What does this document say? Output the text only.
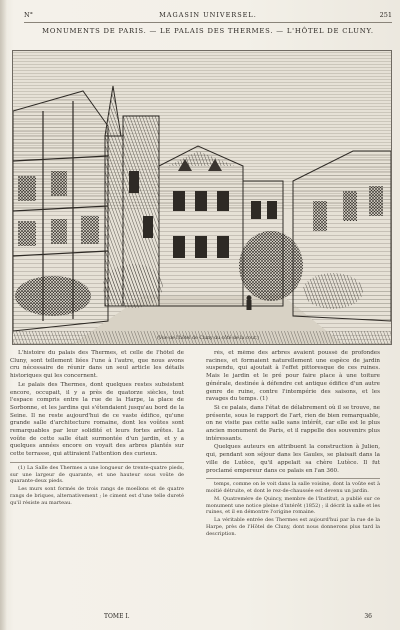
N°	MAGASIN UNIVERSEL.	251
MONUMENTS DE PARIS. — LE PALAIS DES THERMES. — L'HÔTEL DE CLUNY.
(Vue de l'hôtel de Cluny du côté de la cour.)

L'histoire du palais des Thermes, et celle de l'hôtel de Cluny, sont tellement liées l'une à l'autre, que nous avons cru nécessaire de réunir dans un seul article les détails historiques qui les concernent.

Le palais des Thermes, dont quelques restes subsistent encore, occupait, il y a près de quatorze siècles, tout l'espace compris entre la rue de la Harpe, la place de Sorbonne, et les jardins qui s'étendaient jusqu'au bord de la Seine. Il ne reste aujourd'hui de ce vaste édifice, qu'une grande salle d'architecture romaine, dont les voûtes sont remarquables par leur solidité et leurs fortes arêtes. La voûte de cette salle était surmontée d'un jardin, et y a quelques années encore on voyait des arbres plantés sur cette terrasse, qui attiraient l'attention des curieux.

(1) La Salle des Thermes a une longueur de trente-quatre pieds, sur une largeur de quarante, et une hauteur sous voûte de quarante-deux pieds.

Les murs sont formés de trois rangs de moellons et de quatre rangs de briques, alternativement ; le ciment est d'une telle dureté qu'il résiste au marteau.

rés, et même des arbres avaient poussé de profondes racines, et formaient naturellement une espèce de jardin suspendu, qui ajoutait à l'effet pittoresque de ces ruines. Mais le jardin et le pré pour faire place à une toiture générale, destinée à défendre cet antique édifice d'un autre genre de ruine, contre l'intempérie des saisons, et les ravages du temps. (1)

Si ce palais, dans l'état de délabrement où il se trouve, ne présente, sous le rapport de l'art, rien de bien remarquable, on ne visite pas cette salle sans intérêt, car elle est le plus ancien monument de Paris, et il rappelle des souvenirs plus intéressants.

Quelques auteurs en attribuent la construction à Julien, qui, pendant son séjour dans les Gaules, se plaisait dans la ville de Lutèce, qu'il appelait sa chère Lutèce. Il fut proclamé empereur dans ce palais en l'an 360.

temps, comme on le voit dans la salle voisine, dont la voûte est à moitié détruite, et dont le rez-de-chaussée est devenu un jardin.

M. Quatremère de Quincy, membre de l'Institut, a publié sur ce monument une notice pleine d'intérêt (1852) ; il décrit la salle et les ruines, et il en démontre l'origine romaine.

La véritable entrée des Thermes est aujourd'hui par la rue de la Harpe, près de l'Hôtel de Cluny, dont nous donnerons plus tard la description.

TOME I.	36
